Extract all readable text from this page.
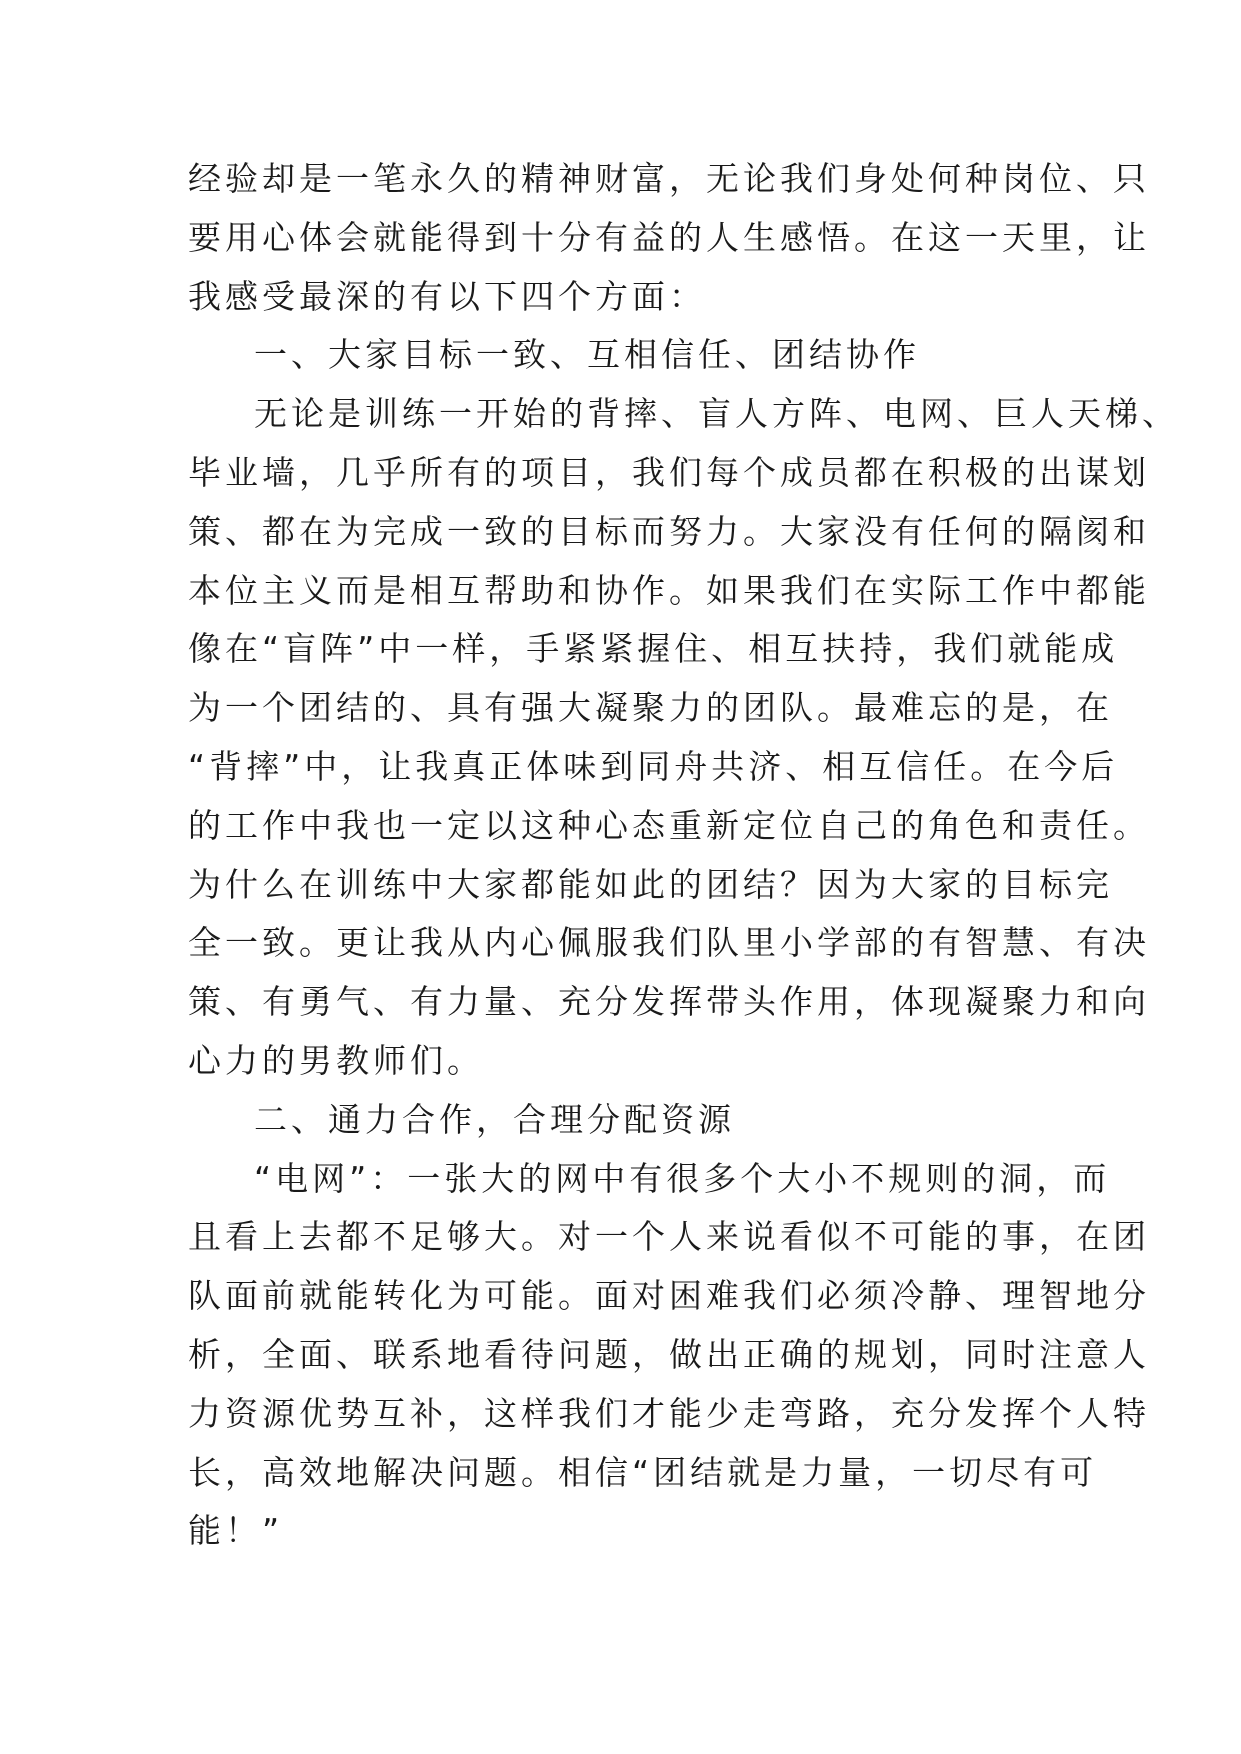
经验却是一笔永久的精神财富，无论我们身处何种岗位、只
要用心体会就能得到十分有益的人生感悟。在这一天里，让
我感受最深的有以下四个方面：
一、大家目标一致、互相信任、团结协作
无论是训练一开始的背摔、盲人方阵、电网、巨人天梯、
毕业墙，几乎所有的项目，我们每个成员都在积极的出谋划
策、都在为完成一致的目标而努力。大家没有任何的隔阂和
本位主义而是相互帮助和协作。如果我们在实际工作中都能
像在“盲阵”中一样，手紧紧握住、相互扶持，我们就能成
为一个团结的、具有强大凝聚力的团队。最难忘的是，在
“背摔”中，让我真正体味到同舟共济、相互信任。在今后
的工作中我也一定以这种心态重新定位自己的角色和责任。
为什么在训练中大家都能如此的团结？因为大家的目标完
全一致。更让我从内心佩服我们队里小学部的有智慧、有决
策、有勇气、有力量、充分发挥带头作用，体现凝聚力和向
心力的男教师们。
二、通力合作，合理分配资源
“电网”：一张大的网中有很多个大小不规则的洞，而
且看上去都不足够大。对一个人来说看似不可能的事，在团
队面前就能转化为可能。面对困难我们必须冷静、理智地分
析，全面、联系地看待问题，做出正确的规划，同时注意人
力资源优势互补，这样我们才能少走弯路，充分发挥个人特
长，高效地解决问题。相信“团结就是力量，一切尽有可
能！”
